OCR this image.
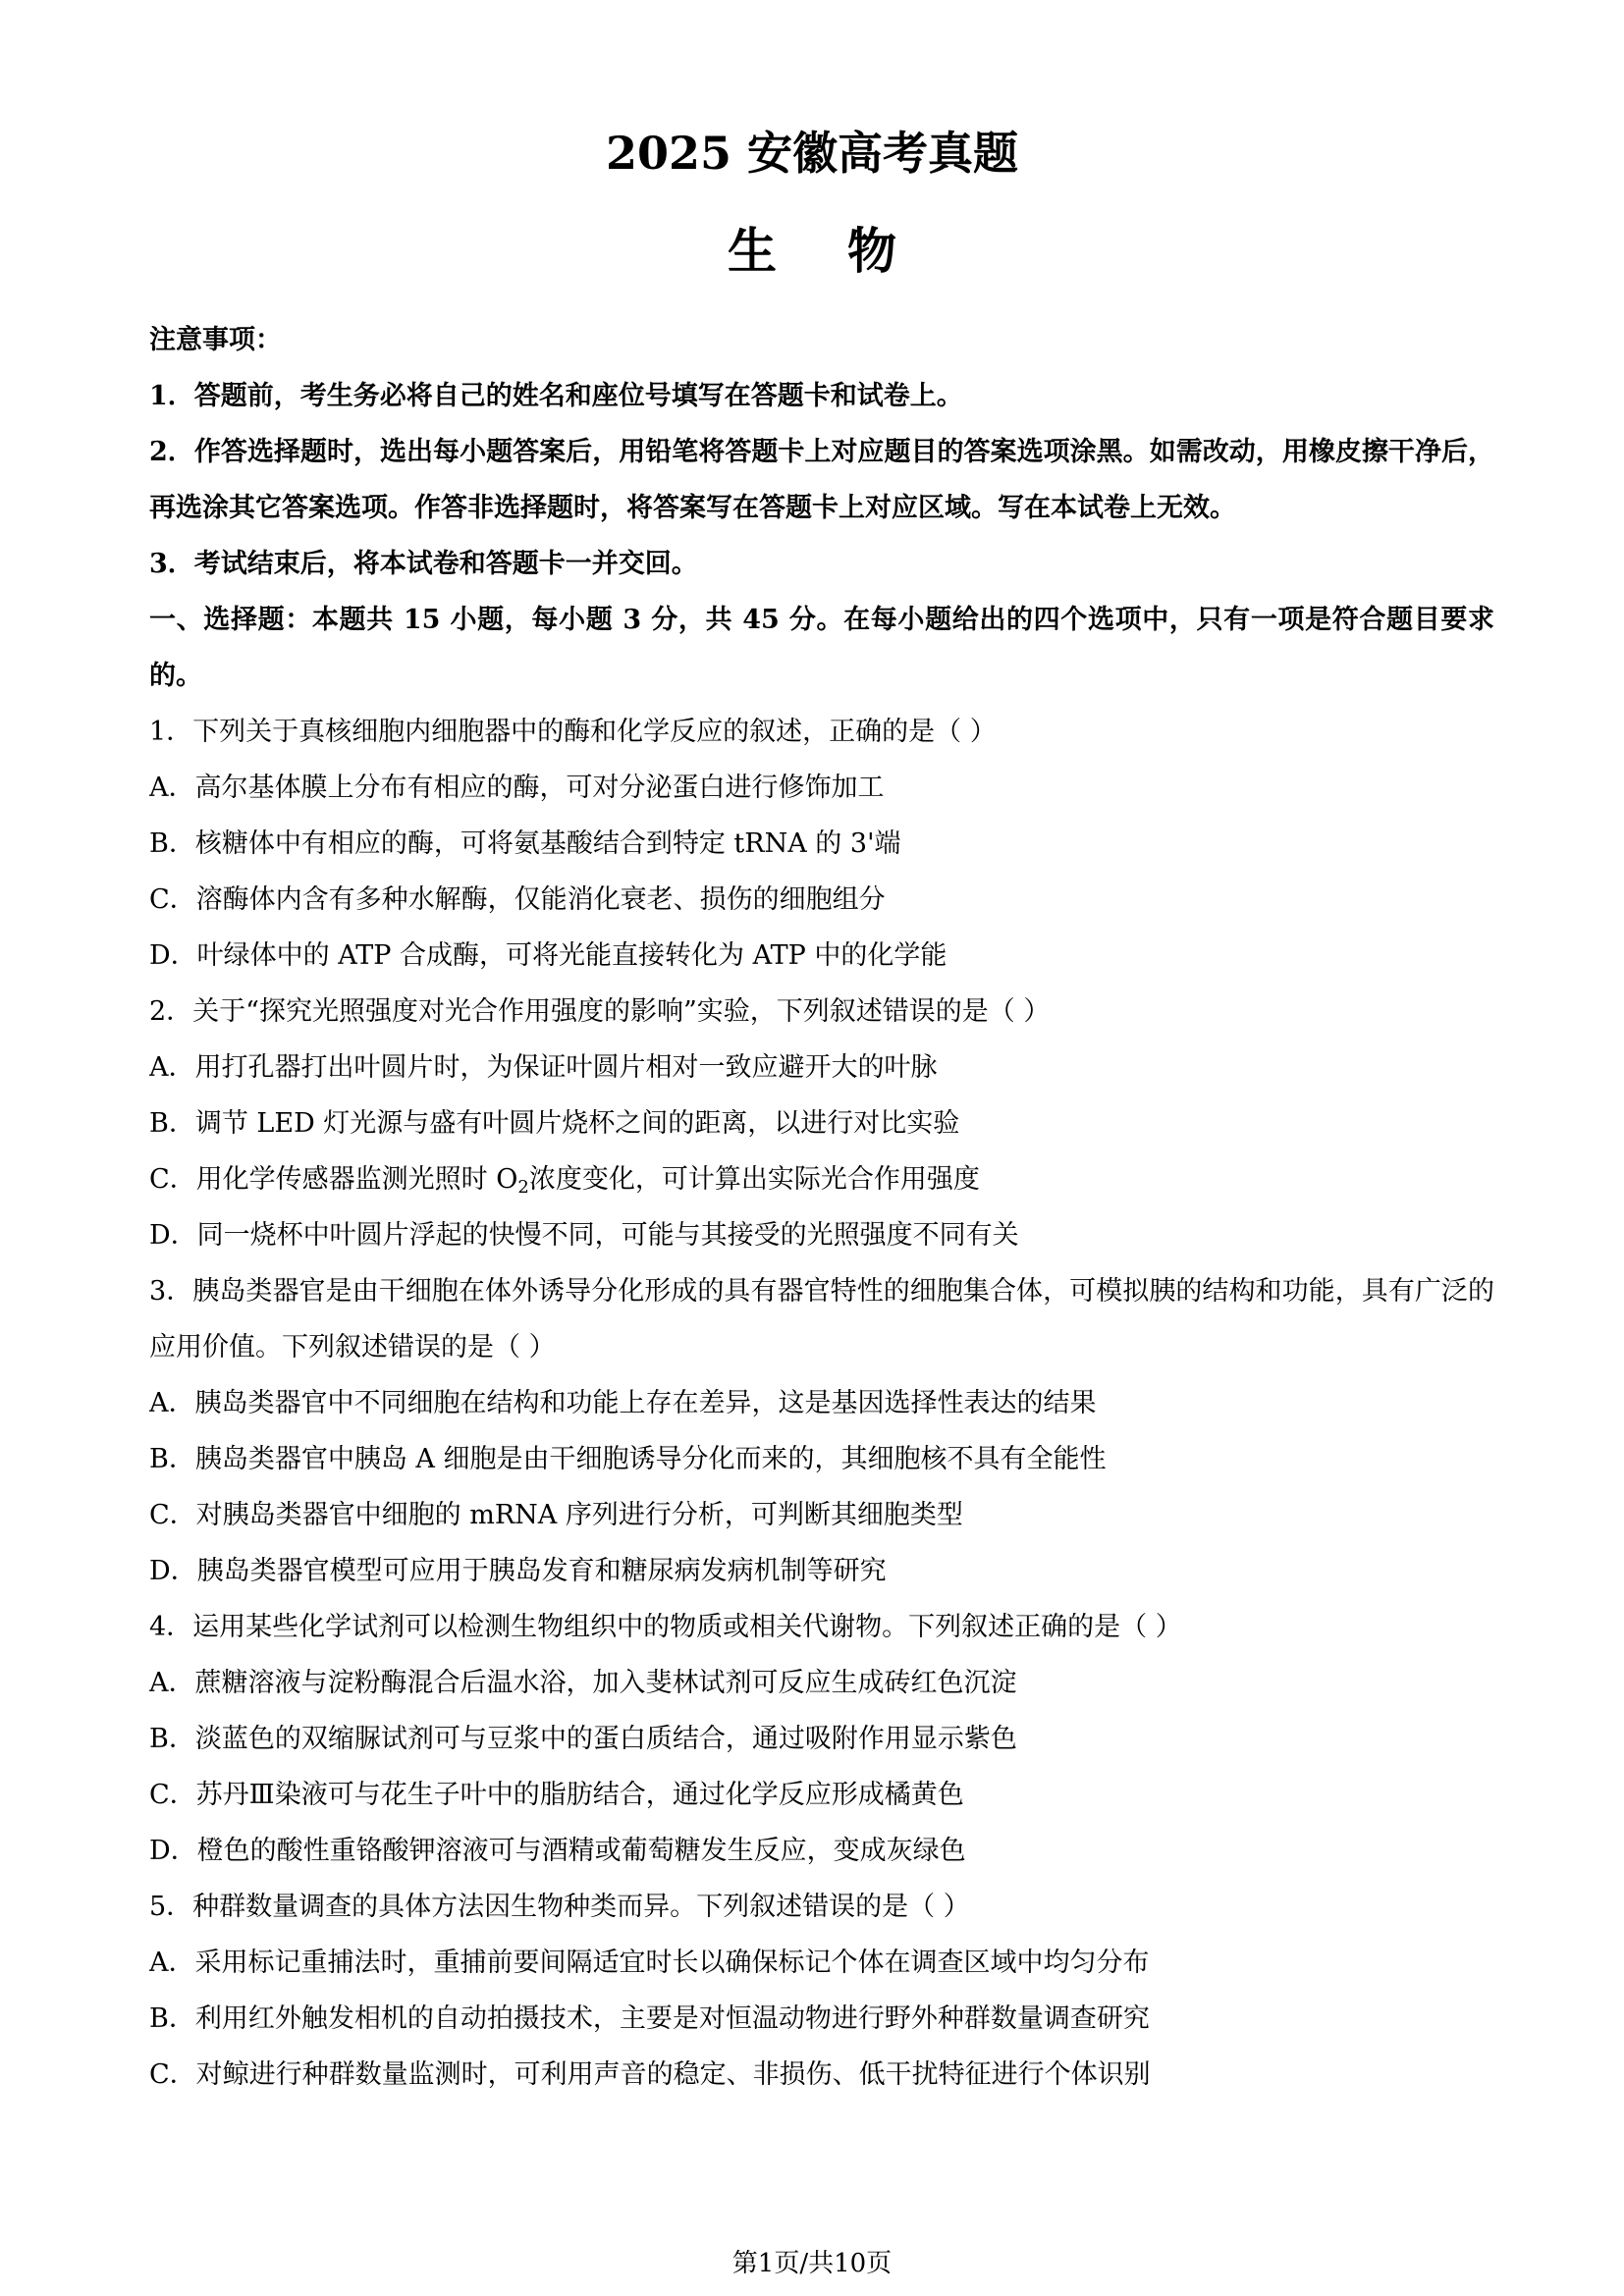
2025 安徽高考真题
生物
注意事项：
1．答题前，考生务必将自己的姓名和座位号填写在答题卡和试卷上。
2．作答选择题时，选出每小题答案后，用铅笔将答题卡上对应题目的答案选项涂黑。如需改动，用橡皮擦干净后，再选涂其它答案选项。作答非选择题时，将答案写在答题卡上对应区域。写在本试卷上无效。
3．考试结束后，将本试卷和答题卡一并交回。
一、选择题：本题共 15 小题，每小题 3 分，共 45 分。在每小题给出的四个选项中，只有一项是符合题目要求的。
1．下列关于真核细胞内细胞器中的酶和化学反应的叙述，正确的是（ ）
A．高尔基体膜上分布有相应的酶，可对分泌蛋白进行修饰加工
B．核糖体中有相应的酶，可将氨基酸结合到特定 tRNA 的 3'端
C．溶酶体内含有多种水解酶，仅能消化衰老、损伤的细胞组分
D．叶绿体中的 ATP 合成酶，可将光能直接转化为 ATP 中的化学能
2．关于“探究光照强度对光合作用强度的影响”实验，下列叙述错误的是（ ）
A．用打孔器打出叶圆片时，为保证叶圆片相对一致应避开大的叶脉
B．调节 LED 灯光源与盛有叶圆片烧杯之间的距离，以进行对比实验
C．用化学传感器监测光照时 $O_2$浓度变化，可计算出实际光合作用强度
D．同一烧杯中叶圆片浮起的快慢不同，可能与其接受的光照强度不同有关
3．胰岛类器官是由干细胞在体外诱导分化形成的具有器官特性的细胞集合体，可模拟胰的结构和功能，具有广泛的应用价值。下列叙述错误的是（ ）
A．胰岛类器官中不同细胞在结构和功能上存在差异，这是基因选择性表达的结果
B．胰岛类器官中胰岛 A 细胞是由干细胞诱导分化而来的，其细胞核不具有全能性
C．对胰岛类器官中细胞的 mRNA 序列进行分析，可判断其细胞类型
D．胰岛类器官模型可应用于胰岛发育和糖尿病发病机制等研究
4．运用某些化学试剂可以检测生物组织中的物质或相关代谢物。下列叙述正确的是（ ）
A．蔗糖溶液与淀粉酶混合后温水浴，加入斐林试剂可反应生成砖红色沉淀
B．淡蓝色的双缩脲试剂可与豆浆中的蛋白质结合，通过吸附作用显示紫色
C．苏丹Ⅲ染液可与花生子叶中的脂肪结合，通过化学反应形成橘黄色
D．橙色的酸性重铬酸钾溶液可与酒精或葡萄糖发生反应，变成灰绿色
5．种群数量调查的具体方法因生物种类而异。下列叙述错误的是（ ）
A．采用标记重捕法时，重捕前要间隔适宜时长以确保标记个体在调查区域中均匀分布
B．利用红外触发相机的自动拍摄技术，主要是对恒温动物进行野外种群数量调查研究
C．对鲸进行种群数量监测时，可利用声音的稳定、非损伤、低干扰特征进行个体识别
第1页/共10页
